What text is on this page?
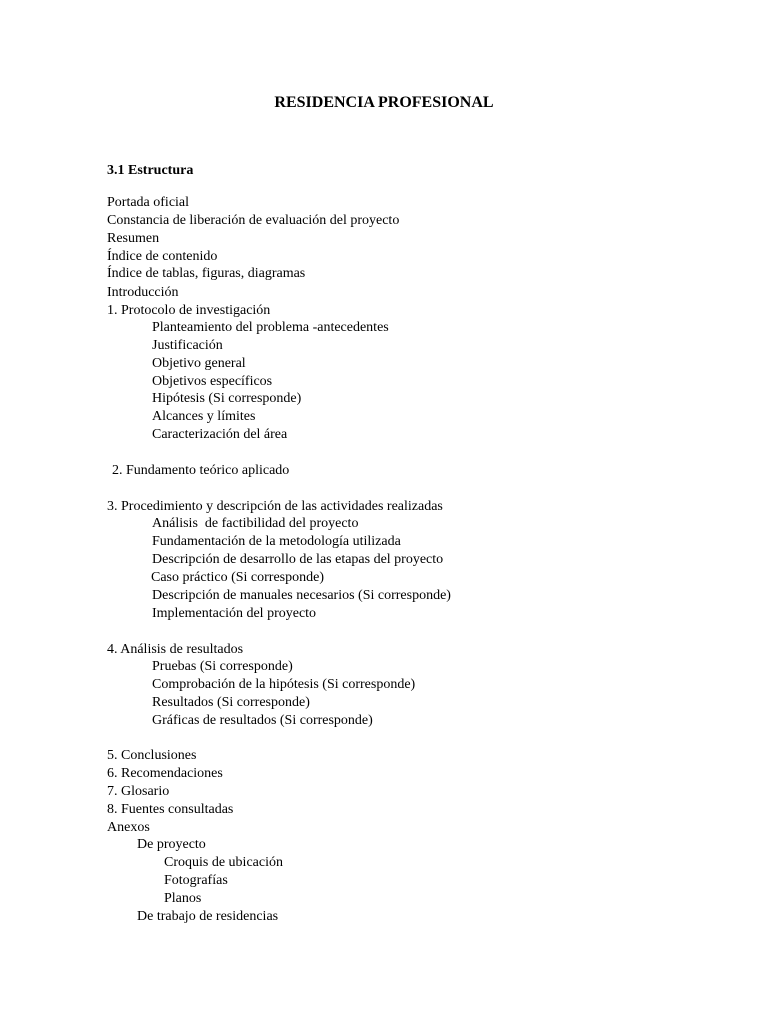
RESIDENCIA PROFESIONAL
3.1 Estructura
Portada oficial
Constancia de liberación de evaluación del proyecto
Resumen
Índice de contenido
Índice de tablas, figuras, diagramas
Introducción
1. Protocolo de investigación
Planteamiento del problema -antecedentes
Justificación
Objetivo general
Objetivos específicos
Hipótesis (Si corresponde)
Alcances y límites
Caracterización del área
2. Fundamento teórico aplicado
3. Procedimiento y descripción de las actividades realizadas
Análisis  de factibilidad del proyecto
Fundamentación de la metodología utilizada
Descripción de desarrollo de las etapas del proyecto
Caso práctico (Si corresponde)
Descripción de manuales necesarios (Si corresponde)
Implementación del proyecto
4. Análisis de resultados
Pruebas (Si corresponde)
Comprobación de la hipótesis (Si corresponde)
Resultados (Si corresponde)
Gráficas de resultados (Si corresponde)
5. Conclusiones
6. Recomendaciones
7. Glosario
8. Fuentes consultadas
Anexos
De proyecto
Croquis de ubicación
Fotografías
Planos
De trabajo de residencias
